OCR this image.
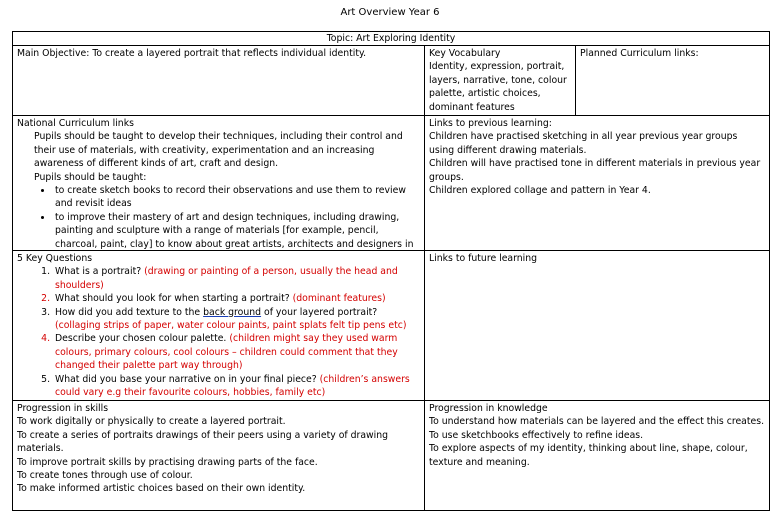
Art Overview Year 6
Topic: Art Exploring Identity

Main Objective: To create a layered portrait that reflects individual identity.	Key Vocabulary

Identity, expression, portrait, layers, narrative, tone, colour palette, artistic choices, dominant features

Planned Curriculum links:

National Curriculum links

Pupils should be taught to develop their techniques, including their control and their use of materials, with creativity, experimentation and an increasing awareness of different kinds of art, craft and design.

Pupils should be taught:

• to create sketch books to record their observations and use them to review and revisit ideas
• to improve their mastery of art and design techniques, including drawing, painting and sculpture with a range of materials [for example, pencil, charcoal, paint, clay] to know about great artists, architects and designers in

Links to previous learning:

Children have practised sketching in all year previous year groups using different drawing materials.

Children will have practised tone in different materials in previous year groups.

Children explored collage and pattern in Year 4.

5 Key Questions

1. What is a portrait? (drawing or painting of a person, usually the head and shoulders)
2. What should you look for when starting a portrait? (dominant features)
3. How did you add texture to the back ground of your layered portrait? (collaging strips of paper, water colour paints, paint splats felt tip pens etc)
4. Describe your chosen colour palette. (children might say they used warm colours, primary colours, cool colours – children could comment that they changed their palette part way through)
5. What did you base your narrative on in your final piece? (children’s answers could vary e.g their favourite colours, hobbies, family etc)

Links to future learning

Progression in skills

To work digitally or physically to create a layered portrait.

To create a series of portraits drawings of their peers using a variety of drawing materials.

To improve portrait skills by practising drawing parts of the face.

To create tones through use of colour.

To make informed artistic choices based on their own identity.

Progression in knowledge

To understand how materials can be layered and the effect this creates.

To use sketchbooks effectively to refine ideas.

To explore aspects of my identity, thinking about line, shape, colour, texture and meaning.
